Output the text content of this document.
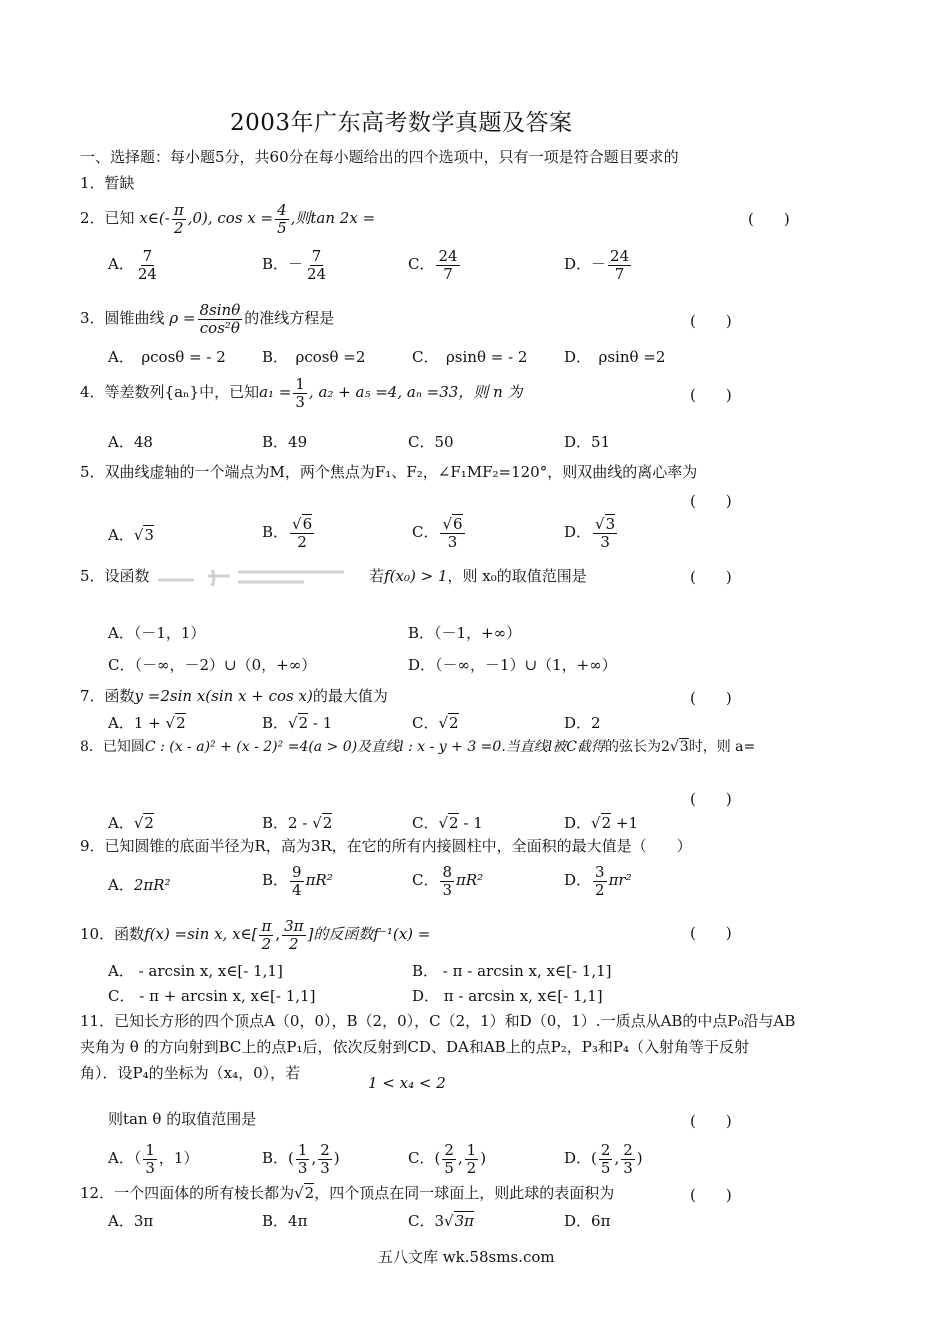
2003年广东高考数学真题及答案
一、选择题：每小题5分，共60分在每小题给出的四个选项中，只有一项是符合题目要求的
1．暂缺
2．已知 x∈(- $\frac{\pi}{2} ,0$), $\cos x = \frac{4}{5}$ ,则tan 2x =	(　　)
A． $\frac{7}{24}$	B．－ $\frac{7}{24}$	C． $\frac{24}{7}$	D．－ $\frac{24}{7}$
3．圆锥曲线 $\rho = \frac{8\sin\theta}{\text{cos²θ}}$ 的准线方程是	(　　)
A．　ρcosθ = - 2 B．　ρcosθ =2	C．　ρsinθ = - 2 D．　ρsinθ =2
4．等差数列{aₙ}中，已知$a_1 = \frac{1}{3}$ , a₂ + a₅ =4, aₙ =33，则 n 为	(　　)
A．48	B．49	C．50	D．51
5．双曲线虚轴的一个端点为M，两个焦点为F₁、F₂，∠F₁MF₂=120°，则双曲线的离心率为
(　　)
A．√3	B． $\frac{√6}{2}$	C． $\frac{√6}{3}$	D． $\frac{√3}{3}$
5．设函数	若f(x₀) > 1，则 x₀的取值范围是	(　　)
A．（－1，1）	B．（－1，+∞）
C．（－∞，－2）∪（0，+∞）	D．（－∞，－1）∪（1，+∞）
7．函数y =2sin x(sin x + cos x)的最大值为	(　　)
A．1 + √2	B．√2 - 1	C．√2	D．2
8．已知圆C : (x - a)² + (x - 2)² =4(a > 0)及直线l : x - y + 3 =0.当直线l被C截得的弦长为2√3时，则 a=
A．√2	B．2 - √2	C．√2 - 1	D．√2 +1
(　　)
9．已知圆锥的底面半径为R，高为3R，在它的所有内接圆柱中，全面积的最大值是（　　）
A．2πR²	B． $\frac{9}{4} \pi R^2$	C． $\frac{8}{3} \pi R^2$	D． $\frac{3}{2} \pi r^2$
10．函数f(x) =sin x, x∈[ $\frac{\pi}{2}$ , $\frac{3\pi}{2}$ ]的反函数f⁻¹(x) =	(　　)
A． - arcsin x, x∈[- 1,1]	B． - π - arcsin x, x∈[- 1,1]
C． - π + arcsin x, x∈[- 1,1]	D． π - arcsin x, x∈[- 1,1]
11．已知长方形的四个顶点A（0，0），B（2，0），C（2，1）和D（0，1）.一质点从AB的中点P₀沿与AB
夹角为 θ 的方向射到BC上的点P₁后，依次反射到CD、DA和AB上的点P₂，P₃和P₄（入射角等于反射
角）．设P₄的坐标为（x₄，0），若
1 < x₄ < 2
则tan θ 的取值范围是	(　　)
A．（ $\frac{1}{3}$ ，1）	B．( $\frac{1}{3}$ , $\frac{2}{3}$ )	C．( $\frac{2}{5}$ , $\frac{1}{2}$ )	D．( $\frac{2}{5}$ , $\frac{2}{3}$ )
12．一个四面体的所有棱长都为√2，四个顶点在同一球面上，则此球的表面积为	(　　)
A．3π	B．4π	C．3√3π	D．6π
五八文库 wk.58sms.com
